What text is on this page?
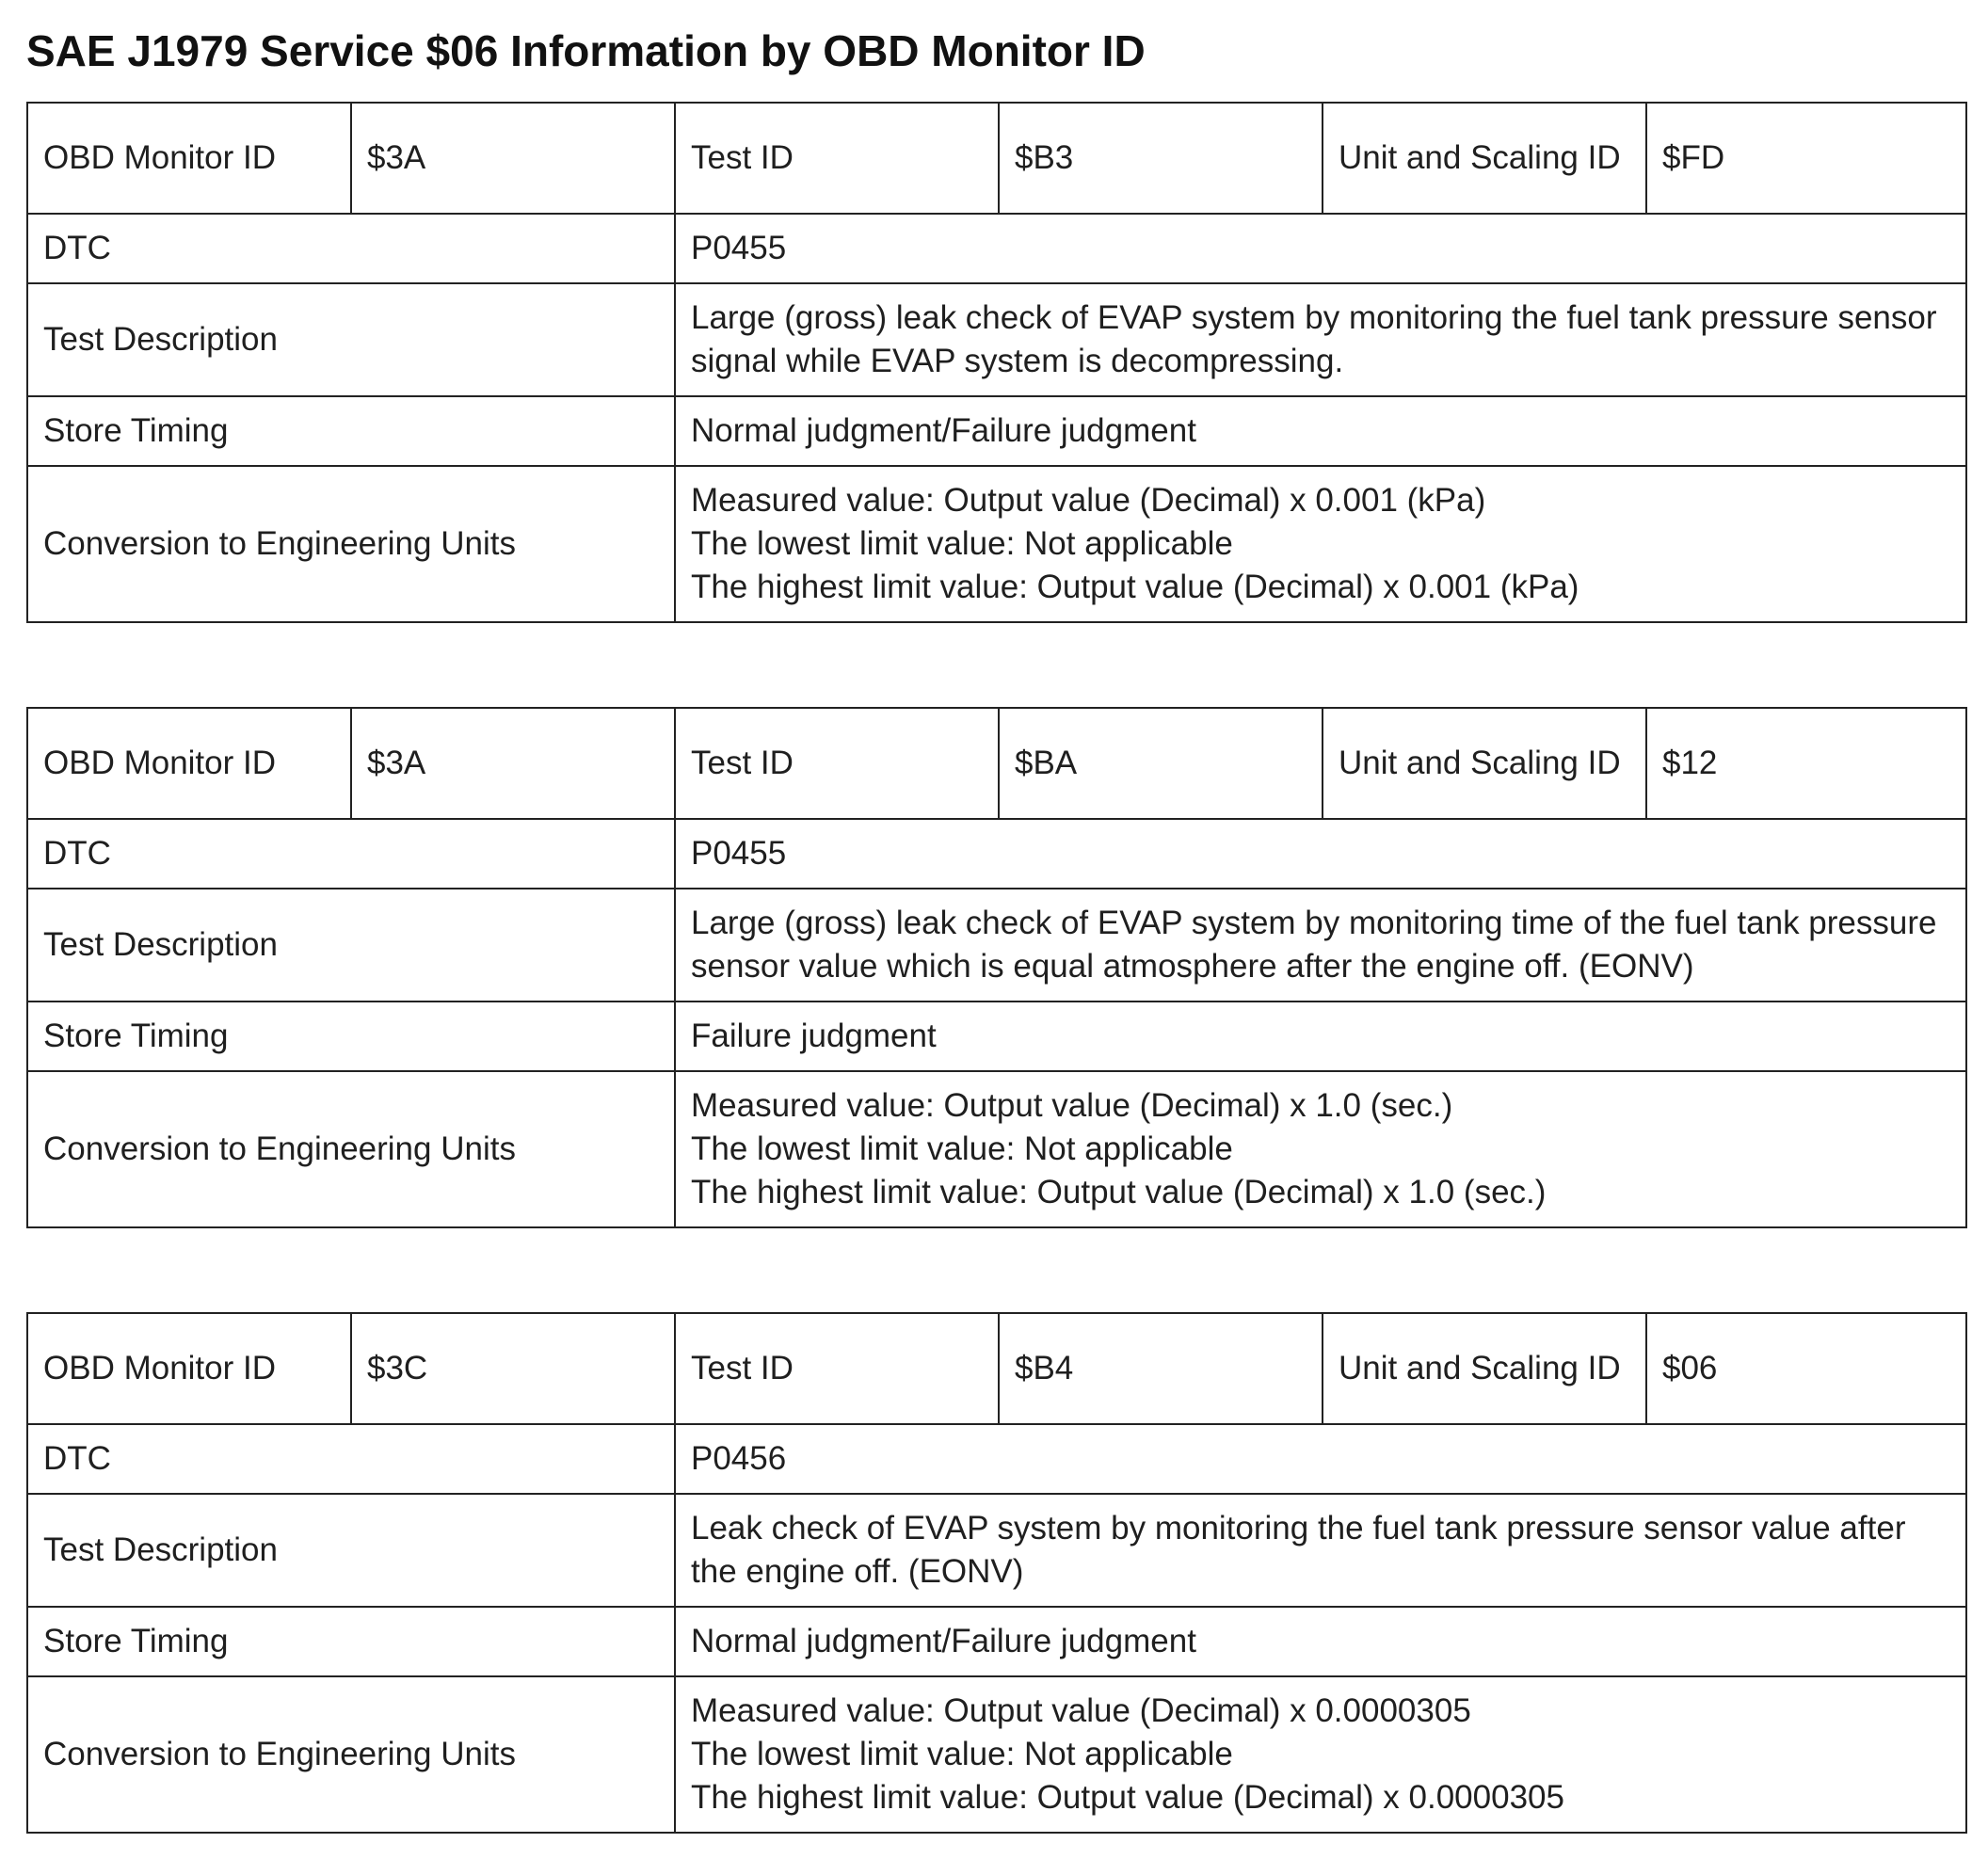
SAE J1979 Service $06 Information by OBD Monitor ID
OBD Monitor ID	$3A	Test ID	$B3	Unit and Scaling ID	$FD
DTC		P0455			
Test Description		Large (gross) leak check of EVAP system by monitoring the fuel tank pressure sensor signal while EVAP system is decompressing.			
Store Timing		Normal judgment/Failure judgment			
Conversion to Engineering Units		Measured value: Output value (Decimal) x 0.001 (kPa)
The lowest limit value: Not applicable
The highest limit value: Output value (Decimal) x 0.001 (kPa)			
OBD Monitor ID	$3A	Test ID	$BA	Unit and Scaling ID	$12
DTC		P0455			
Test Description		Large (gross) leak check of EVAP system by monitoring time of the fuel tank pressure sensor value which is equal atmosphere after the engine off. (EONV)			
Store Timing		Failure judgment			
Conversion to Engineering Units		Measured value: Output value (Decimal) x 1.0 (sec.)
The lowest limit value: Not applicable
The highest limit value: Output value (Decimal) x 1.0 (sec.)			
OBD Monitor ID	$3C	Test ID	$B4	Unit and Scaling ID	$06
DTC		P0456			
Test Description		Leak check of EVAP system by monitoring the fuel tank pressure sensor value after the engine off. (EONV)			
Store Timing		Normal judgment/Failure judgment			
Conversion to Engineering Units		Measured value: Output value (Decimal) x 0.0000305
The lowest limit value: Not applicable
The highest limit value: Output value (Decimal) x 0.0000305			
